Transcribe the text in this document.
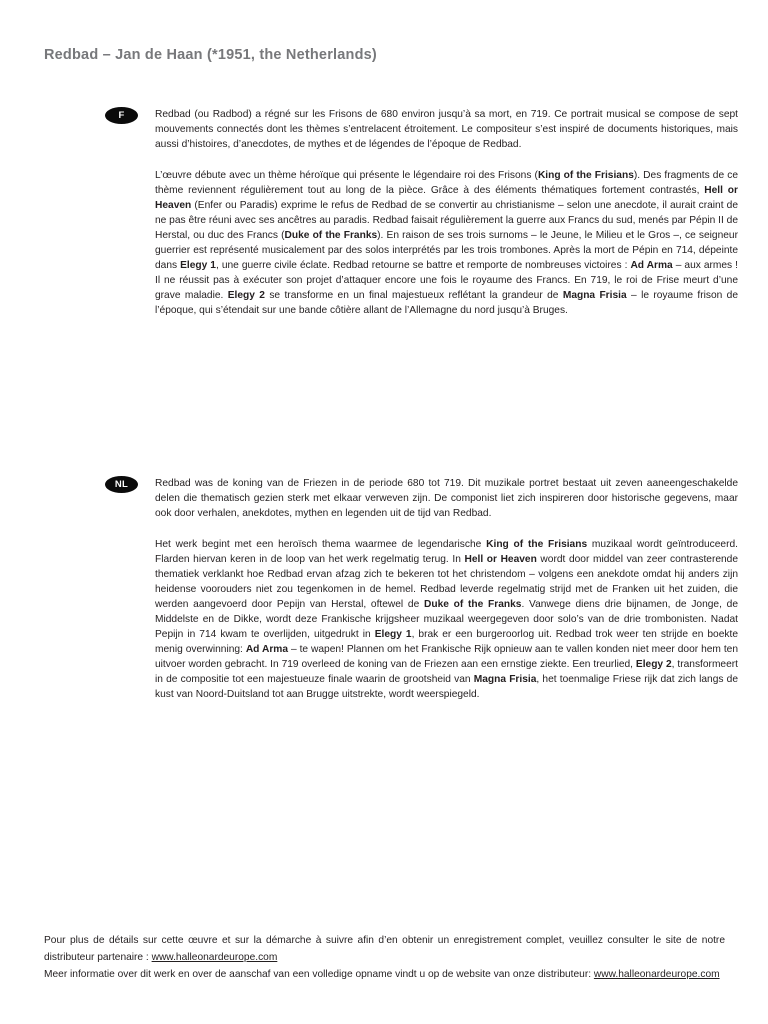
Redbad – Jan de Haan (*1951, the Netherlands)
F	Redbad (ou Radbod) a régné sur les Frisons de 680 environ jusqu’à sa mort, en 719. Ce portrait musical se compose de sept mouvements connectés dont les thèmes s’entrelacent étroitement. Le compositeur s’est inspiré de documents historiques, mais aussi d’histoires, d’anecdotes, de mythes et de légendes de l’époque de Redbad.

L’œuvre débute avec un thème héroïque qui présente le légendaire roi des Frisons (King of the Frisians). Des fragments de ce thème reviennent régulièrement tout au long de la pièce. Grâce à des éléments thématiques fortement contrastés, Hell or Heaven (Enfer ou Paradis) exprime le refus de Redbad de se convertir au christianisme – selon une anecdote, il aurait craint de ne pas être réuni avec ses ancêtres au paradis. Redbad faisait régulièrement la guerre aux Francs du sud, menés par Pépin II de Herstal, ou duc des Francs (Duke of the Franks). En raison de ses trois surnoms – le Jeune, le Milieu et le Gros –, ce seigneur guerrier est représenté musicalement par des solos interprétés par les trois trombones. Après la mort de Pépin en 714, dépeinte dans Elegy 1, une guerre civile éclate. Redbad retourne se battre et remporte de nombreuses victoires : Ad Arma – aux armes ! Il ne réussit pas à exécuter son projet d’attaquer encore une fois le royaume des Francs. En 719, le roi de Frise meurt d’une grave maladie. Elegy 2 se transforme en un final majestueux reflétant la grandeur de Magna Frisia – le royaume frison de l’époque, qui s’étendait sur une bande côtière allant de l’Allemagne du nord jusqu’à Bruges.

NL	Redbad was de koning van de Friezen in de periode 680 tot 719. Dit muzikale portret bestaat uit zeven aaneengeschakelde delen die thematisch gezien sterk met elkaar verweven zijn. De componist liet zich inspireren door historische gegevens, maar ook door verhalen, anekdotes, mythen en legenden uit de tijd van Redbad.

Het werk begint met een heroïsch thema waarmee de legendarische King of the Frisians muzikaal wordt geïntroduceerd. Flarden hiervan keren in de loop van het werk regelmatig terug. In Hell or Heaven wordt door middel van zeer contrasterende thematiek verklankt hoe Redbad ervan afzag zich te bekeren tot het christendom – volgens een anekdote omdat hij anders zijn heidense voorouders niet zou tegenkomen in de hemel. Redbad leverde regelmatig strijd met de Franken uit het zuiden, die werden aangevoerd door Pepijn van Herstal, oftewel de Duke of the Franks. Vanwege diens drie bijnamen, de Jonge, de Middelste en de Dikke, wordt deze Frankische krijgsheer muzikaal weergegeven door solo’s van de drie trombonisten. Nadat Pepijn in 714 kwam te overlijden, uitgedrukt in Elegy 1, brak er een burgeroorlog uit. Redbad trok weer ten strijde en boekte menig overwinning: Ad Arma – te wapen! Plannen om het Frankische Rijk opnieuw aan te vallen konden niet meer door hem ten uitvoer worden gebracht. In 719 overleed de koning van de Friezen aan een ernstige ziekte. Een treurlied, Elegy 2, transformeert in de compositie tot een majestueuze finale waarin de grootsheid van Magna Frisia, het toenmalige Friese rijk dat zich langs de kust van Noord-Duitsland tot aan Brugge uitstrekte, wordt weerspiegeld.

Pour plus de détails sur cette œuvre et sur la démarche à suivre afin d’en obtenir un enregistrement complet, veuillez consulter le site de notre distributeur partenaire : www.halleonardeurope.com

Meer informatie over dit werk en over de aanschaf van een volledige opname vindt u op de website van onze distributeur: www.halleonardeurope.com
